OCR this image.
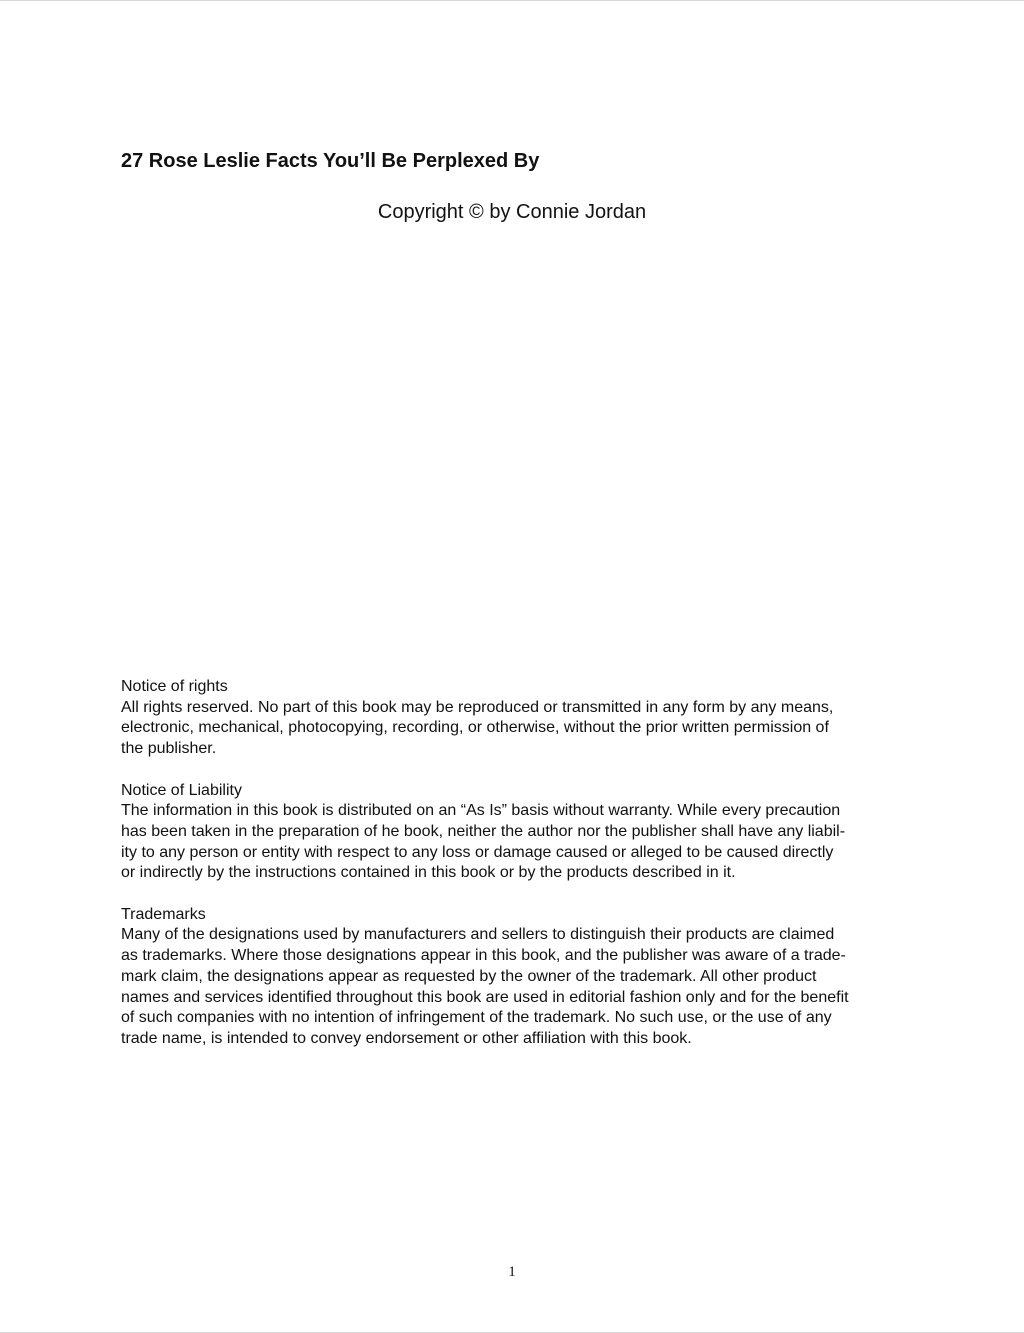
27 Rose Leslie Facts You’ll Be Perplexed By

Copyright © by Connie Jordan

Notice of rights

All rights reserved. No part of this book may be reproduced or transmitted in any form by any means,
electronic, mechanical, photocopying, recording, or otherwise, without the prior written permission of
the publisher.

Notice of Liability

The information in this book is distributed on an “As Is” basis without warranty. While every precaution
has been taken in the preparation of he book, neither the author nor the publisher shall have any liabil-
ity to any person or entity with respect to any loss or damage caused or alleged to be caused directly
or indirectly by the instructions contained in this book or by the products described in it.

Trademarks

Many of the designations used by manufacturers and sellers to distinguish their products are claimed
as trademarks. Where those designations appear in this book, and the publisher was aware of a trade-
mark claim, the designations appear as requested by the owner of the trademark. All other product
names and services identified throughout this book are used in editorial fashion only and for the benefit
of such companies with no intention of infringement of the trademark. No such use, or the use of any
trade name, is intended to convey endorsement or other affiliation with this book.

1
